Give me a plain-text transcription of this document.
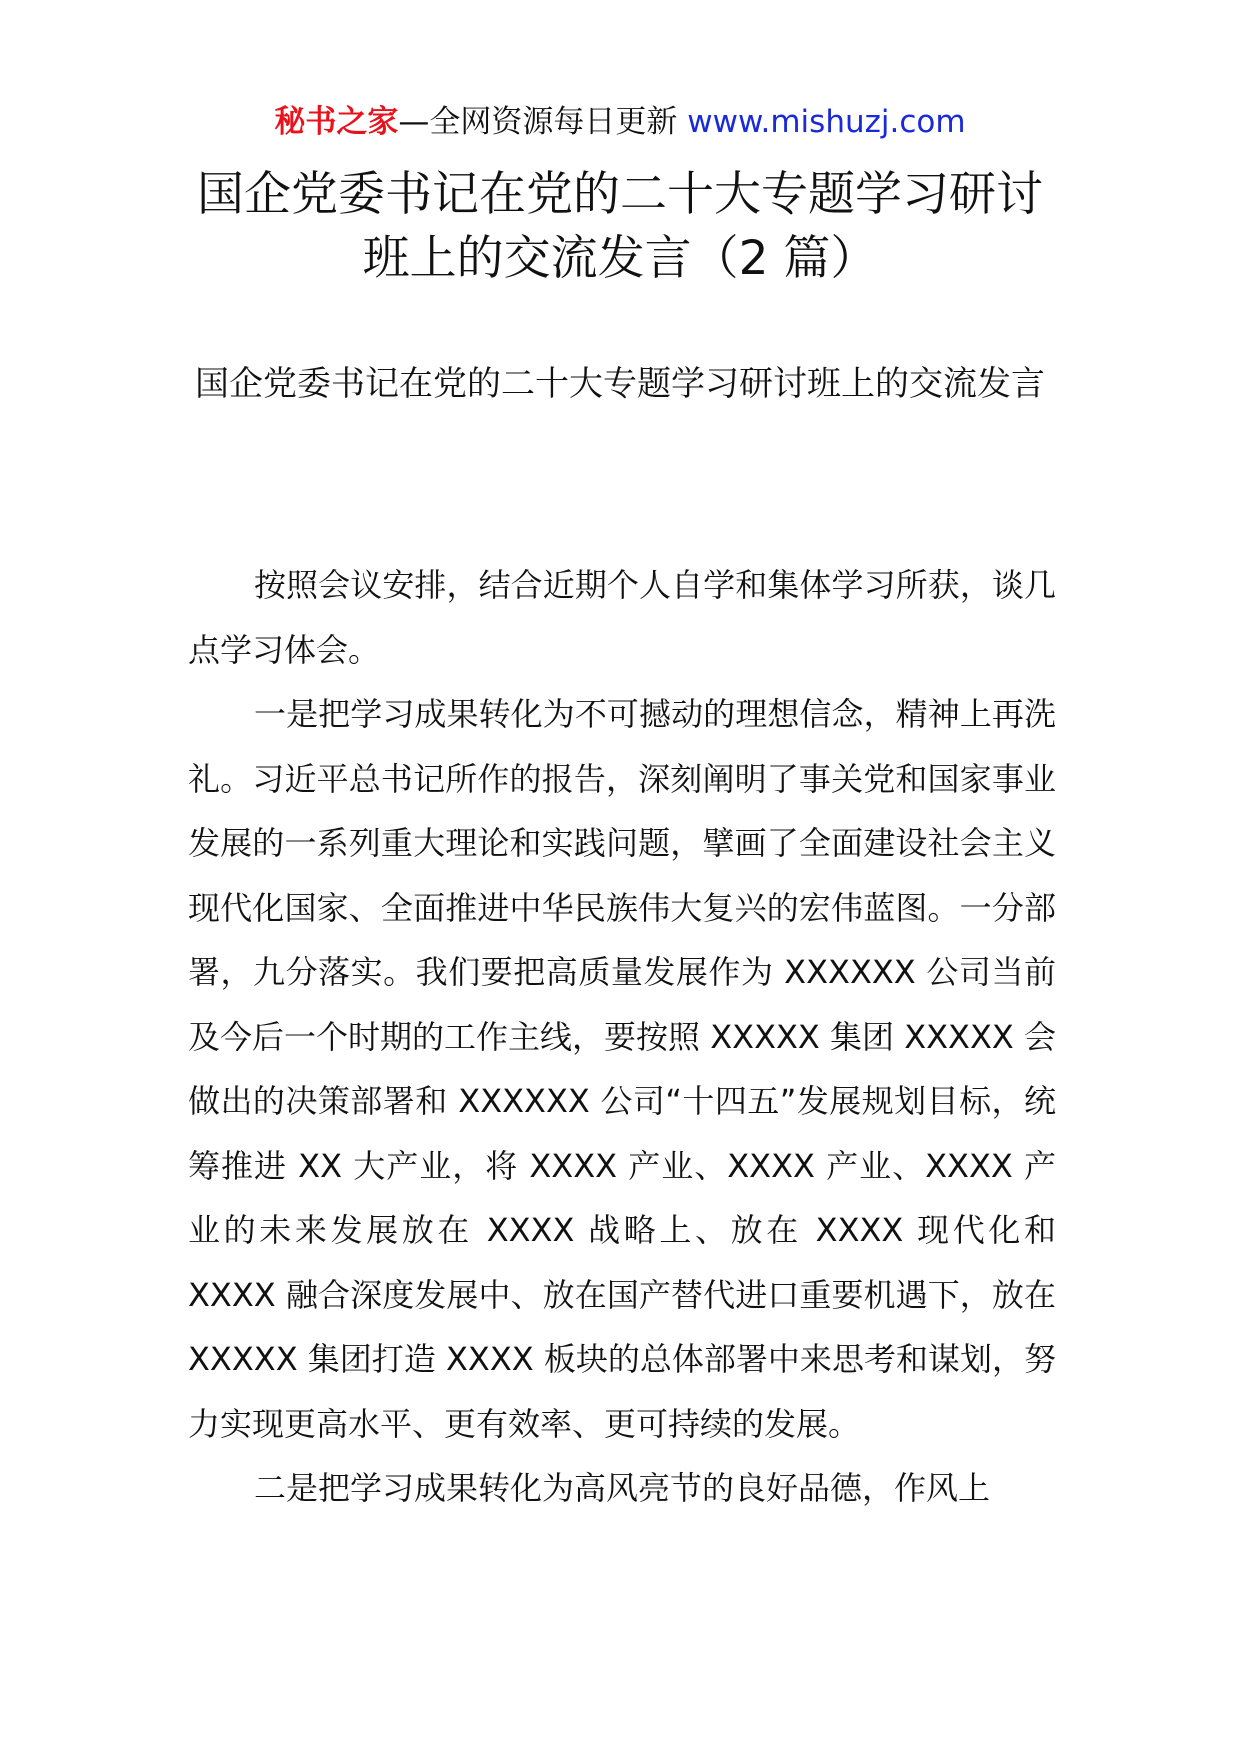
秘书之家—全网资源每日更新 www.mishuzj.com
国企党委书记在党的二十大专题学习研讨
班上的交流发言（2 篇）
国企党委书记在党的二十大专题学习研讨班上的交流发言

按照会议安排，结合近期个人自学和集体学习所获，谈几点学习体会。

一是把学习成果转化为不可撼动的理想信念，精神上再洗礼。习近平总书记所作的报告，深刻阐明了事关党和国家事业发展的一系列重大理论和实践问题，擘画了全面建设社会主义现代化国家、全面推进中华民族伟大复兴的宏伟蓝图。一分部署，九分落实。我们要把高质量发展作为 XXXXXX 公司当前及今后一个时期的工作主线，要按照 XXXXX 集团 XXXXX 会做出的决策部署和 XXXXXX 公司“十四五”发展规划目标，统筹推进 XX 大产业，将 XXXX 产业、XXXX 产业、XXXX 产业的未来发展放在 XXXX 战略上、放在 XXXX 现代化和 XXXX 融合深度发展中、放在国产替代进口重要机遇下，放在 XXXXX 集团打造 XXXX 板块的总体部署中来思考和谋划，努力实现更高水平、更有效率、更可持续的发展。

二是把学习成果转化为高风亮节的良好品德，作风上
